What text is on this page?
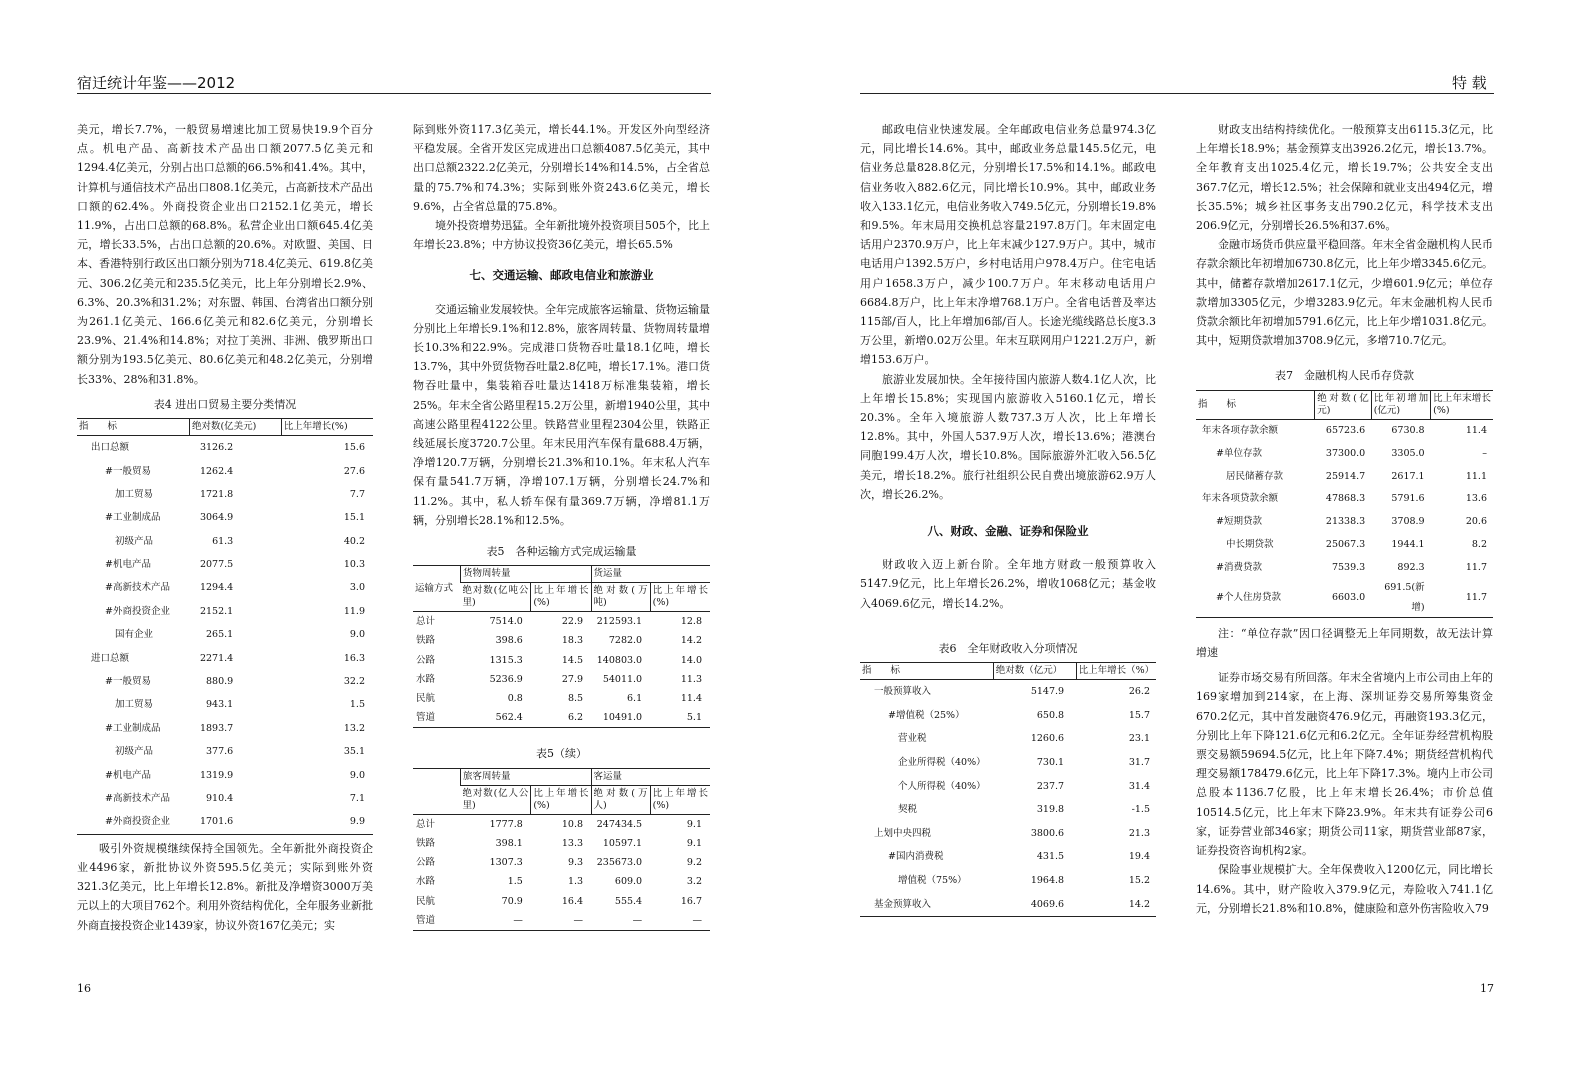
宿迁统计年鉴——2012

美元，增长7.7%，一般贸易增速比加工贸易快19.9个百分点。机电产品、高新技术产品出口额2077.5亿美元和1294.4亿美元，分别占出口总额的66.5%和41.4%。其中，计算机与通信技术产品出口808.1亿美元，占高新技术产品出口额的62.4%。外商投资企业出口2152.1亿美元，增长11.9%，占出口总额的68.8%。私营企业出口额645.4亿美元，增长33.5%，占出口总额的20.6%。对欧盟、美国、日本、香港特别行政区出口额分别为718.4亿美元、619.8亿美元、306.2亿美元和235.5亿美元，比上年分别增长2.9%、6.3%、20.3%和31.2%；对东盟、韩国、台湾省出口额分别为261.1亿美元、166.6亿美元和82.6亿美元，分别增长23.9%、21.4%和14.8%；对拉丁美洲、非洲、俄罗斯出口额分别为193.5亿美元、80.6亿美元和48.2亿美元，分别增长33%、28%和31.8%。

表4 进出口贸易主要分类情况
指　　标	绝对数(亿美元)	比上年增长(%)
出口总额	3126.2	15.6
#一般贸易	1262.4	27.6
加工贸易	1721.8	7.7
#工业制成品	3064.9	15.1
初级产品	61.3	40.2
#机电产品	2077.5	10.3
#高新技术产品	1294.4	3.0
#外商投资企业	2152.1	11.9
国有企业	265.1	9.0
进口总额	2271.4	16.3
#一般贸易	880.9	32.2
加工贸易	943.1	1.5
#工业制成品	1893.7	13.2
初级产品	377.6	35.1
#机电产品	1319.9	9.0
#高新技术产品	910.4	7.1
#外商投资企业	1701.6	9.9

吸引外资规模继续保持全国领先。全年新批外商投资企业4496家，新批协议外资595.5亿美元；实际到账外资321.3亿美元，比上年增长12.8%。新批及净增资3000万美元以上的大项目762个。利用外资结构优化，全年服务业新批外商直接投资企业1439家，协议外资167亿美元；实

际到账外资117.3亿美元，增长44.1%。开发区外向型经济平稳发展。全省开发区完成进出口总额4087.5亿美元，其中出口总额2322.2亿美元，分别增长14%和14.5%，占全省总量的75.7%和74.3%；实际到账外资243.6亿美元，增长9.6%，占全省总量的75.8%。

境外投资增势迅猛。全年新批境外投资项目505个，比上年增长23.8%；中方协议投资36亿美元，增长65.5%

七、交通运输、邮政电信业和旅游业

交通运输业发展较快。全年完成旅客运输量、货物运输量分别比上年增长9.1%和12.8%，旅客周转量、货物周转量增长10.3%和22.9%。完成港口货物吞吐量18.1亿吨，增长13.7%，其中外贸货物吞吐量2.8亿吨，增长17.1%。港口货物吞吐量中，集装箱吞吐量达1418万标准集装箱，增长25%。年末全省公路里程15.2万公里，新增1940公里，其中高速公路里程4122公里。铁路营业里程2304公里，铁路正线延展长度3720.7公里。年末民用汽车保有量688.4万辆，净增120.7万辆，分别增长21.3%和10.1%。年末私人汽车保有量541.7万辆，净增107.1万辆，分别增长24.7%和11.2%。其中，私人轿车保有量369.7万辆，净增81.1万辆，分别增长28.1%和12.5%。

表5　各种运输方式完成运输量
运输方式	货物周转量		货运量	
	绝对数(亿吨公里)	比上年增长(%)	绝对数(万吨)	比上年增长(%)
总计	7514.0	22.9	212593.1	12.8
铁路	398.6	18.3	7282.0	14.2
公路	1315.3	14.5	140803.0	14.0
水路	5236.9	27.9	54011.0	11.3
民航	0.8	8.5	6.1	11.4
管道	562.4	6.2	10491.0	5.1
表5（续）
	旅客周转量		客运量	
	绝对数(亿人公里)	比上年增长(%)	绝对数(万人)	比上年增长(%)
总计	1777.8	10.8	247434.5	9.1
铁路	398.1	13.3	10597.1	9.1
公路	1307.3	9.3	235673.0	9.2
水路	1.5	1.3	609.0	3.2
民航	70.9	16.4	555.4	16.7
管道	—	—	—	—
16
特 载

邮政电信业快速发展。全年邮政电信业务总量974.3亿元，同比增长14.6%。其中，邮政业务总量145.5亿元，电信业务总量828.8亿元，分别增长17.5%和14.1%。邮政电信业务收入882.6亿元，同比增长10.9%。其中，邮政业务收入133.1亿元，电信业务收入749.5亿元，分别增长19.8%和9.5%。年末局用交换机总容量2197.8万门。年末固定电话用户2370.9万户，比上年末减少127.9万户。其中，城市电话用户1392.5万户，乡村电话用户978.4万户。住宅电话用户1658.3万户，减少100.7万户。年末移动电话用户6684.8万户，比上年末净增768.1万户。全省电话普及率达115部/百人，比上年增加6部/百人。长途光缆线路总长度3.3万公里，新增0.02万公里。年末互联网用户1221.2万户，新增153.6万户。

旅游业发展加快。全年接待国内旅游人数4.1亿人次，比上年增长15.8%；实现国内旅游收入5160.1亿元，增长20.3%。全年入境旅游人数737.3万人次，比上年增长12.8%。其中，外国人537.9万人次，增长13.6%；港澳台同胞199.4万人次，增长10.8%。国际旅游外汇收入56.5亿美元，增长18.2%。旅行社组织公民自费出境旅游62.9万人次，增长26.2%。

八、财政、金融、证券和保险业

财政收入迈上新台阶。全年地方财政一般预算收入5147.9亿元，比上年增长26.2%，增收1068亿元；基金收入4069.6亿元，增长14.2%。

表6　全年财政收入分项情况
指　　标	绝对数（亿元）	比上年增长（%）
一般预算收入	5147.9	26.2
#增值税（25%）	650.8	15.7
营业税	1260.6	23.1
企业所得税（40%）	730.1	31.7
个人所得税（40%）	237.7	31.4
契税	319.8	-1.5
上划中央四税	3800.6	21.3
#国内消费税	431.5	19.4
增值税（75%）	1964.8	15.2
基金预算收入	4069.6	14.2

财政支出结构持续优化。一般预算支出6115.3亿元，比上年增长18.9%；基金预算支出3926.2亿元，增长13.7%。全年教育支出1025.4亿元，增长19.7%；公共安全支出367.7亿元，增长12.5%；社会保障和就业支出494亿元，增长35.5%；城乡社区事务支出790.2亿元，科学技术支出206.9亿元，分别增长26.5%和37.6%。

金融市场货币供应量平稳回落。年末全省金融机构人民币存款余额比年初增加6730.8亿元，比上年少增3345.6亿元。其中，储蓄存款增加2617.1亿元，少增601.9亿元；单位存款增加3305亿元，少增3283.9亿元。年末金融机构人民币贷款余额比年初增加5791.6亿元，比上年少增1031.8亿元。其中，短期贷款增加3708.9亿元，多增710.7亿元。

表7　金融机构人民币存贷款
指　　标	绝对数(亿元)	比年初增加(亿元)	比上年末增长(%)
年末各项存款余额	65723.6	6730.8	11.4
#单位存款	37300.0	3305.0	–
居民储蓄存款	25914.7	2617.1	11.1
年末各项贷款余额	47868.3	5791.6	13.6
#短期贷款	21338.3	3708.9	20.6
中长期贷款	25067.3	1944.1	8.2
#消费贷款	7539.3	892.3	11.7
#个人住房贷款	6603.0	691.5(新增)	11.7

注：“单位存款”因口径调整无上年同期数，故无法计算增速

证券市场交易有所回落。年末全省境内上市公司由上年的169家增加到214家，在上海、深圳证券交易所筹集资金670.2亿元，其中首发融资476.9亿元，再融资193.3亿元，分别比上年下降121.6亿元和6.2亿元。全年证券经营机构股票交易额59694.5亿元，比上年下降7.4%；期货经营机构代理交易额178479.6亿元，比上年下降17.3%。境内上市公司总股本1136.7亿股，比上年末增长26.4%；市价总值10514.5亿元，比上年末下降23.9%。年末共有证券公司6家，证券营业部346家；期货公司11家，期货营业部87家，证券投资咨询机构2家。

保险事业规模扩大。全年保费收入1200亿元，同比增长14.6%。其中，财产险收入379.9亿元，寿险收入741.1亿元，分别增长21.8%和10.8%，健康险和意外伤害险收入79

17
